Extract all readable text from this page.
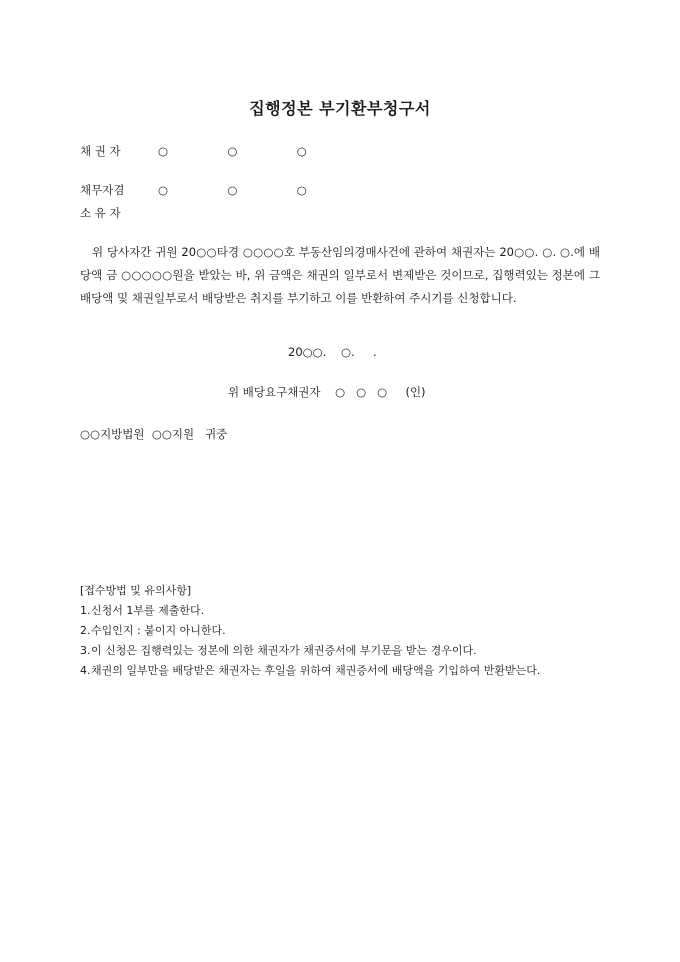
집행정본 부기환부청구서
채 권 자	○  ○  ○
채무자겸	○  ○  ○
소 유 자

위 당사자간 귀원 20○○타경 ○○○○호 부동산임의경매사건에 관하여 채권자는 20○○. ○. ○.에 배당액 금 ○○○○○원을 받았는 바, 위 금액은 채권의 일부로서 변제받은 것이므로, 집행력있는 정본에 그 배당액 및 채권일부로서 배당받은 취지를 부기하고 이를 반환하여 주시기를 신청합니다.

20○○.    ○.     .
위 배당요구채권자    ○   ○   ○     (인)
○○지방법원  ○○지원   귀중
[접수방법 및 유의사항]
1. 신청서 1부를 제출한다.
2. 수입인지 : 붙이지 아니한다.
3. 이 신청은 집행력있는 정본에 의한 채권자가 채권증서에 부기문을 받는 경우이다.
4. 채권의 일부만을 배당받은 채권자는 후일을 위하여 채권증서에 배당액을 기입하여 반환받는다.
